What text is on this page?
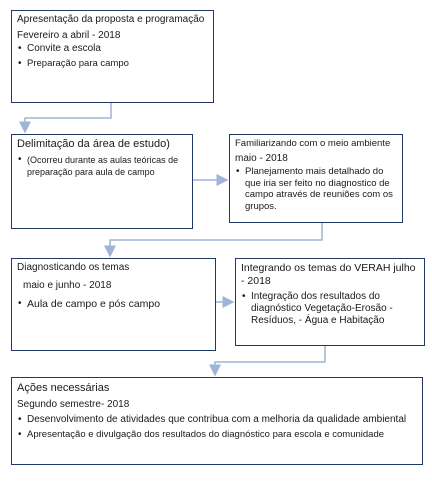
Apresentação da proposta e programação
Fevereiro a abril - 2018
• Convite a escola
• Preparação para campo
Delimitação da área de estudo)
• (Ocorreu durante as aulas teóricas de preparação para aula de campo
Familiarizando com o meio ambiente
maio - 2018
• Planejamento mais detalhado do que iria ser feito no diagnostico de campo através de reuniões com os grupos.
Diagnosticando os temas
maio e junho - 2018
• Aula de campo e pós campo
Integrando os temas do VERAH julho - 2018
• Integração dos resultados do diagnóstico Vegetação-Erosão - Resíduos, - Água e Habitação
Ações necessárias
Segundo semestre- 2018
• Desenvolvimento de atividades que contribua com a melhoria da qualidade ambiental
• Apresentação e divulgação dos resultados do diagnóstico para escola e comunidade
